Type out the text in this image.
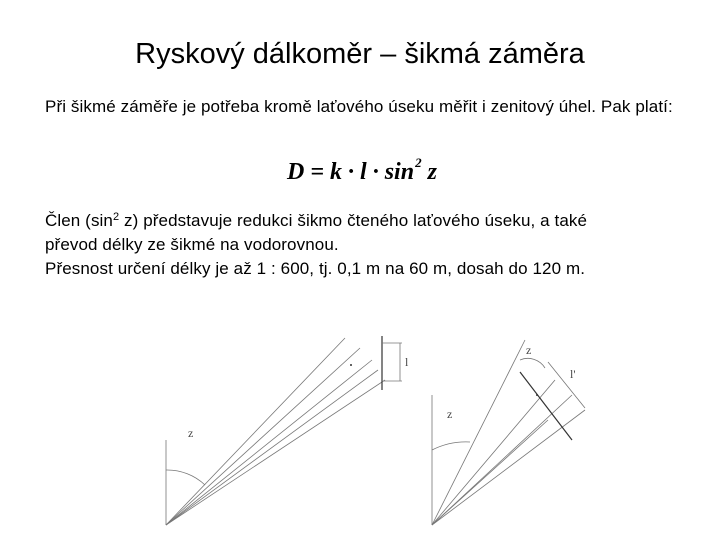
Ryskový dálkoměr – šikmá záměra
Při šikmé záměře je potřeba kromě laťového úseku měřit i zenitový úhel. Pak platí:
$D = k \cdot l \cdot \sin^2 z$
Člen ($\sin^2$ z) představuje redukci šikmo čteného laťového úseku, a také
převod délky ze šikmé na vodorovnou.
Přesnost určení délky je až 1 : 600, tj. 0,1 m na 60 m, dosah do 120 m.
z
l
z
z
l'
